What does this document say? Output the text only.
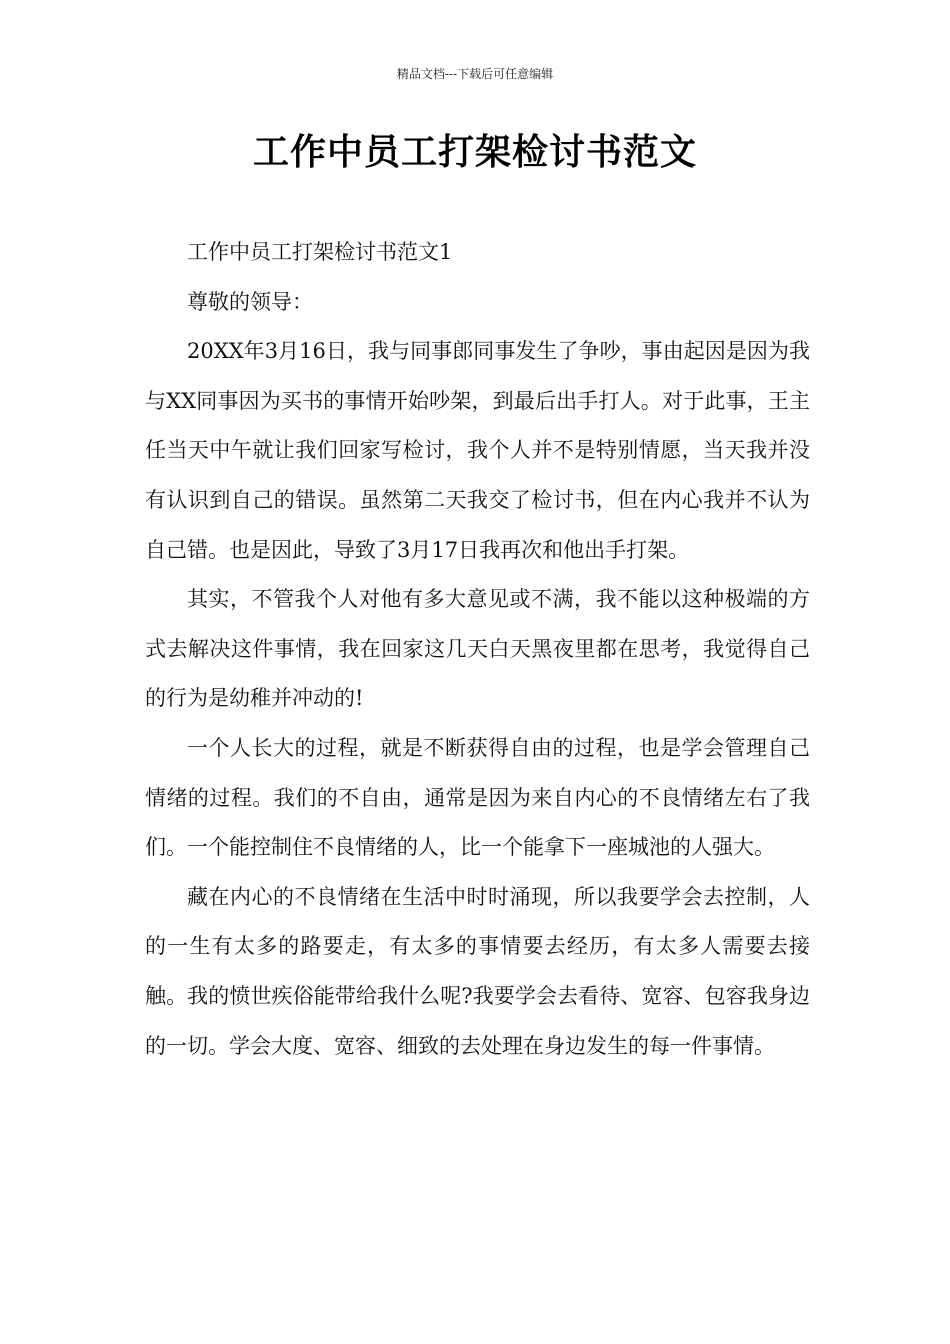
精品文档---下载后可任意编辑
工作中员工打架检讨书范文

工作中员工打架检讨书范文1

尊敬的领导：

20XX年3月16日，我与同事郎同事发生了争吵，事由起因是因为我与XX同事因为买书的事情开始吵架，到最后出手打人。对于此事，王主任当天中午就让我们回家写检讨，我个人并不是特别情愿，当天我并没有认识到自己的错误。虽然第二天我交了检讨书，但在内心我并不认为自己错。也是因此，导致了3月17日我再次和他出手打架。

其实，不管我个人对他有多大意见或不满，我不能以这种极端的方式去解决这件事情，我在回家这几天白天黑夜里都在思考，我觉得自己的行为是幼稚并冲动的!

一个人长大的过程，就是不断获得自由的过程，也是学会管理自己情绪的过程。我们的不自由，通常是因为来自内心的不良情绪左右了我们。一个能控制住不良情绪的人，比一个能拿下一座城池的人强大。

藏在内心的不良情绪在生活中时时涌现，所以我要学会去控制，人的一生有太多的路要走，有太多的事情要去经历，有太多人需要去接触。我的愤世疾俗能带给我什么呢?我要学会去看待、宽容、包容我身边的一切。学会大度、宽容、细致的去处理在身边发生的每一件事情。
